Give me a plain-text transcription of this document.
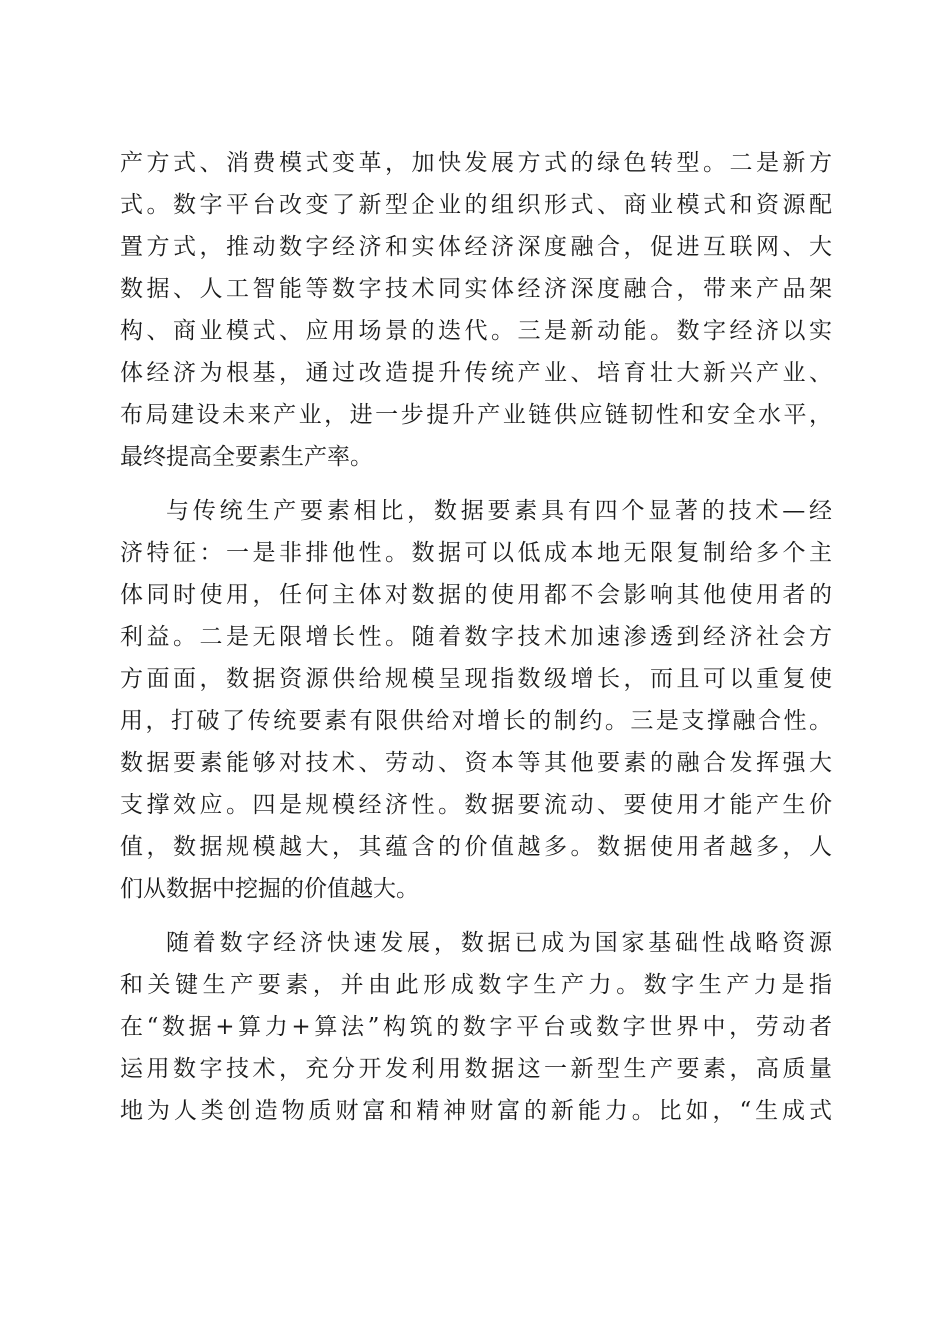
产方式、消费模式变革，加快发展方式的绿色转型。二是新方
式。数字平台改变了新型企业的组织形式、商业模式和资源配
置方式，推动数字经济和实体经济深度融合，促进互联网、大
数据、人工智能等数字技术同实体经济深度融合，带来产品架
构、商业模式、应用场景的迭代。三是新动能。数字经济以实
体经济为根基，通过改造提升传统产业、培育壮大新兴产业、
布局建设未来产业，进一步提升产业链供应链韧性和安全水平，
最终提高全要素生产率。
与传统生产要素相比，数据要素具有四个显著的技术—经
济特征：一是非排他性。数据可以低成本地无限复制给多个主
体同时使用，任何主体对数据的使用都不会影响其他使用者的
利益。二是无限增长性。随着数字技术加速渗透到经济社会方
方面面，数据资源供给规模呈现指数级增长，而且可以重复使
用，打破了传统要素有限供给对增长的制约。三是支撑融合性。
数据要素能够对技术、劳动、资本等其他要素的融合发挥强大
支撑效应。四是规模经济性。数据要流动、要使用才能产生价
值，数据规模越大，其蕴含的价值越多。数据使用者越多，人
们从数据中挖掘的价值越大。
随着数字经济快速发展，数据已成为国家基础性战略资源
和关键生产要素，并由此形成数字生产力。数字生产力是指
在“数据+算力+算法”构筑的数字平台或数字世界中，劳动者
运用数字技术，充分开发利用数据这一新型生产要素，高质量
地为人类创造物质财富和精神财富的新能力。比如，“生成式
